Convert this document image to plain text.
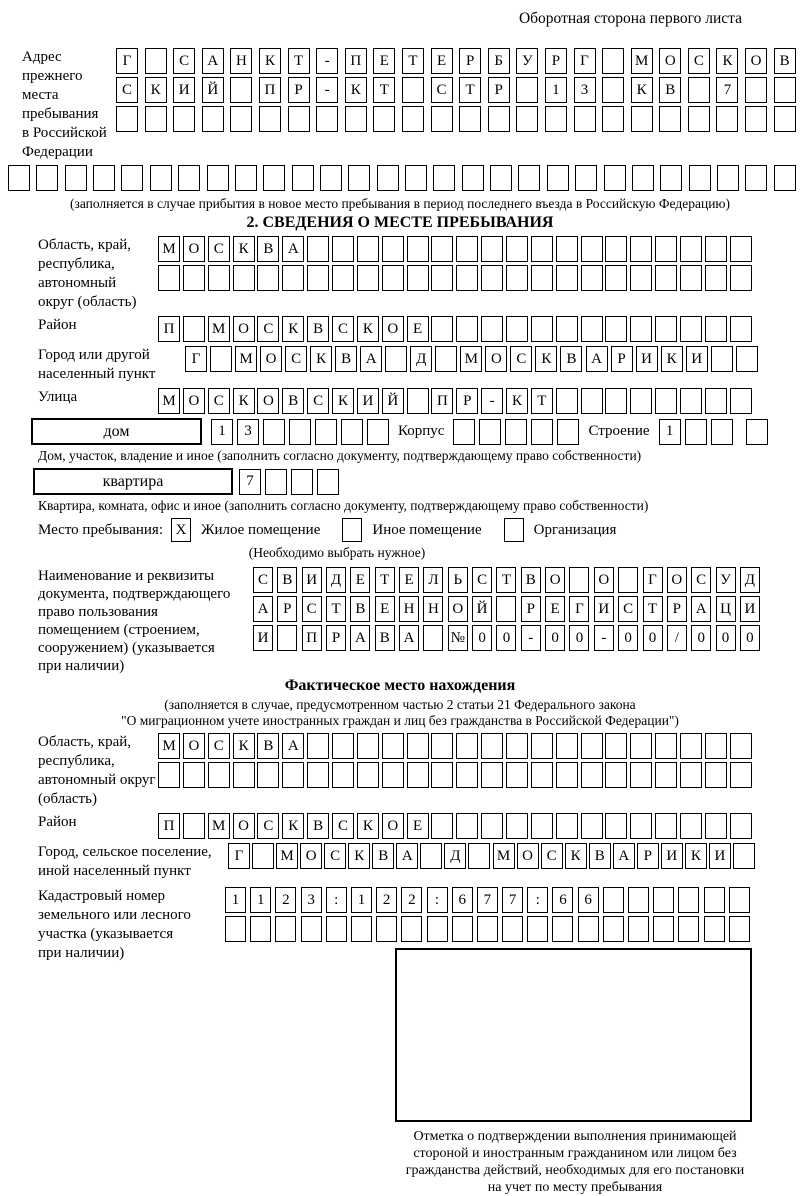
Оборотная сторона первого листа
Адрес прежнего
места пребывания
в Российской
Федерации
Г	С	А	Н	К	Т	-	П	Е	Т	Е	Р	Б	У	Р	Г	М	О	С	К	О	В
С	К	И	Й	П	Р	-	К	Т	С	Т	Р	1	3	К	В	7
(заполняется в случае прибытия в новое место пребывания в период последнего въезда в Российскую Федерацию)
2. СВЕДЕНИЯ О МЕСТЕ ПРЕБЫВАНИЯ
Область, край,
республика,
автономный
округ (область)
М О С К В А
Район	П	М О С К В С К О Е
Город или другой
населенный пункт
Г	М О С	К	В А	Д	М О С	К	В А	Р	И К И
Улица	М О С К О В С К И Й	П	Р	-	К	Т
дом	1	3	Корпус	Строение	1
Дом, участок, владение и иное (заполнить согласно документу, подтверждающему право собственности)
квартира	7
Квартира, комната, офис и иное (заполнить согласно документу, подтверждающему право собственности)
Место пребывания: X Жилое помещение	Иное помещение	Организация
(Необходимо выбрать нужное)
Наименование и реквизиты
документа, подтверждающего
право пользования
помещением (строением,
сооружением) (указывается
при наличии)
С В И Д Е	Т	Е Л Ь	С Т В О	О	Г О С У Д
А Р	С Т В Е Н Н О Й	Р	Е	Г И С Т	Р А Ц И
И	П Р А В А	№ 0	0	-	0	0	-	0	0	/	0	0	0
Фактическое место нахождения
(заполняется в случае, предусмотренном частью 2 статьи 21 Федерального закона
"О миграционном учете иностранных граждан и лиц без гражданства в Российской Федерации")
Область, край,
республика,
автономный округ
(область)
М О С К В А
Район	П	М О С К В С К О Е
Город, сельское поселение,
иной населенный пункт
Г	М О С К В А	Д	М О С К В А Р И К И
Кадастровый номер
земельного или лесного
участка (указывается
при наличии)
1	1	2	3	:	1	2	2	:	6	7	7	:	6	6
Отметка о подтверждении выполнения принимающей
стороной и иностранным гражданином или лицом без
гражданства действий, необходимых для его постановки
на учет по месту пребывания
